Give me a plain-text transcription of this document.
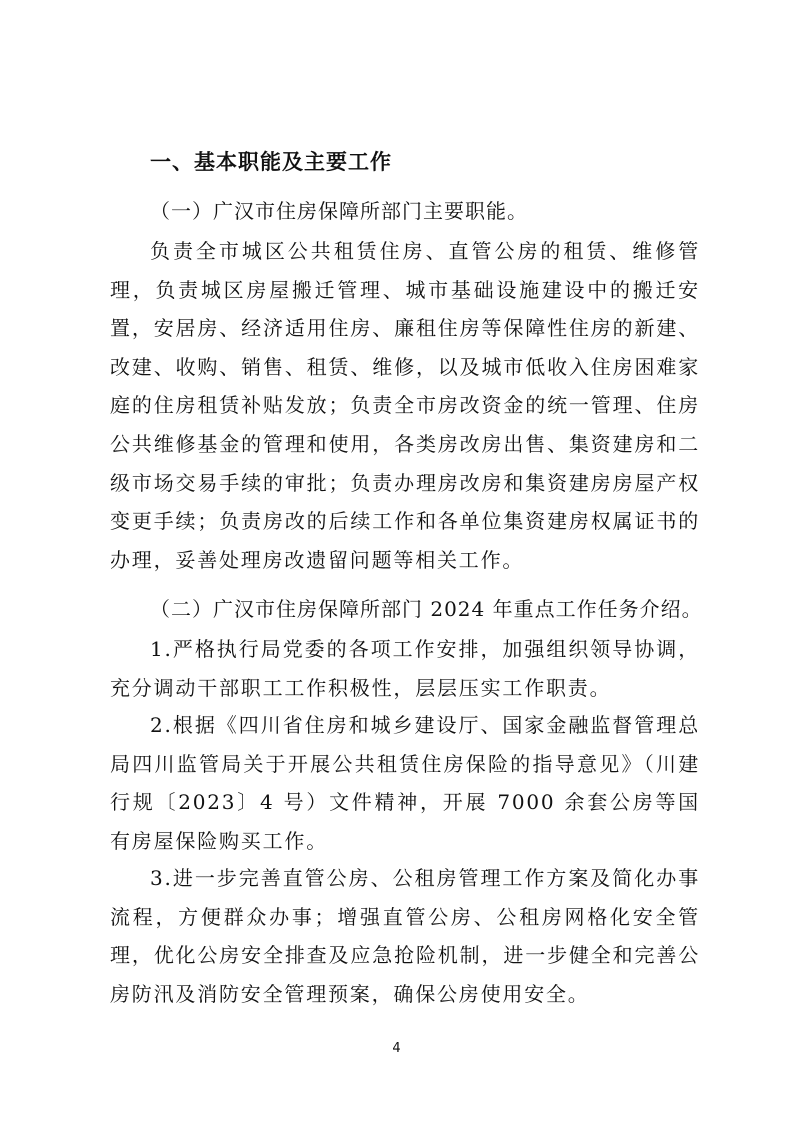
一、基本职能及主要工作
（一）广汉市住房保障所部门主要职能。
负责全市城区公共租赁住房、直管公房的租赁、维修管理，负责城区房屋搬迁管理、城市基础设施建设中的搬迁安置，安居房、经济适用住房、廉租住房等保障性住房的新建、改建、收购、销售、租赁、维修，以及城市低收入住房困难家庭的住房租赁补贴发放；负责全市房改资金的统一管理、住房公共维修基金的管理和使用，各类房改房出售、集资建房和二级市场交易手续的审批；负责办理房改房和集资建房房屋产权变更手续；负责房改的后续工作和各单位集资建房权属证书的办理，妥善处理房改遗留问题等相关工作。
（二）广汉市住房保障所部门 2024 年重点工作任务介绍。
1.严格执行局党委的各项工作安排，加强组织领导协调，充分调动干部职工工作积极性，层层压实工作职责。
2.根据《四川省住房和城乡建设厅、国家金融监督管理总局四川监管局关于开展公共租赁住房保险的指导意见》（川建行规〔2023〕4 号）文件精神，开展 7000 余套公房等国有房屋保险购买工作。
3.进一步完善直管公房、公租房管理工作方案及简化办事流程，方便群众办事；增强直管公房、公租房网格化安全管理，优化公房安全排查及应急抢险机制，进一步健全和完善公房防汛及消防安全管理预案，确保公房使用安全。
4
